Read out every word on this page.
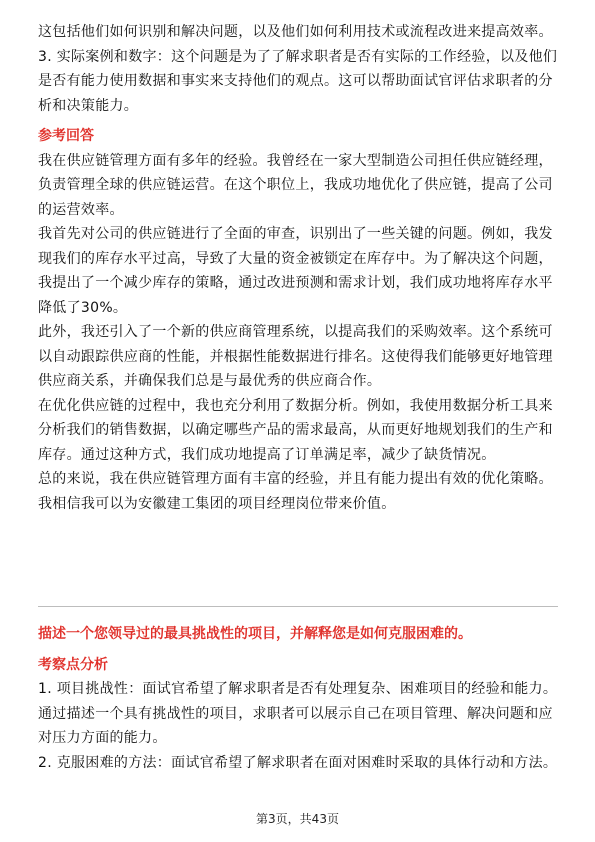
这包括他们如何识别和解决问题，以及他们如何利用技术或流程改进来提高效率。

3. 实际案例和数字：这个问题是为了了解求职者是否有实际的工作经验，以及他们是否有能力使用数据和事实来支持他们的观点。这可以帮助面试官评估求职者的分析和决策能力。

参考回答

我在供应链管理方面有多年的经验。我曾经在一家大型制造公司担任供应链经理，负责管理全球的供应链运营。在这个职位上，我成功地优化了供应链，提高了公司的运营效率。

我首先对公司的供应链进行了全面的审查，识别出了一些关键的问题。例如，我发现我们的库存水平过高，导致了大量的资金被锁定在库存中。为了解决这个问题，我提出了一个减少库存的策略，通过改进预测和需求计划，我们成功地将库存水平降低了30%。

此外，我还引入了一个新的供应商管理系统，以提高我们的采购效率。这个系统可以自动跟踪供应商的性能，并根据性能数据进行排名。这使得我们能够更好地管理供应商关系，并确保我们总是与最优秀的供应商合作。

在优化供应链的过程中，我也充分利用了数据分析。例如，我使用数据分析工具来分析我们的销售数据，以确定哪些产品的需求最高，从而更好地规划我们的生产和库存。通过这种方式，我们成功地提高了订单满足率，减少了缺货情况。

总的来说，我在供应链管理方面有丰富的经验，并且有能力提出有效的优化策略。我相信我可以为安徽建工集团的项目经理岗位带来价值。

描述一个您领导过的最具挑战性的项目，并解释您是如何克服困难的。

考察点分析

1. 项目挑战性：面试官希望了解求职者是否有处理复杂、困难项目的经验和能力。通过描述一个具有挑战性的项目，求职者可以展示自己在项目管理、解决问题和应对压力方面的能力。

2. 克服困难的方法：面试官希望了解求职者在面对困难时采取的具体行动和方法。

第3页，共43页
